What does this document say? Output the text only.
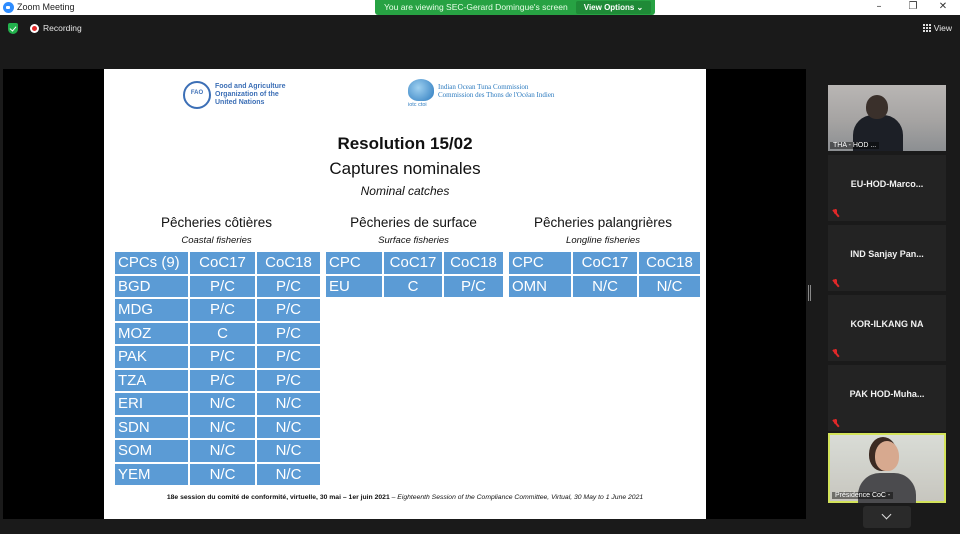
Zoom Meeting	–	❐	✕
You are viewing SEC-Gerard Domingue's screen	View Options ⌄
Recording	View
FAO
Food and Agriculture
Organization of the
United Nations	iotc ctoi
Indian Ocean Tuna Commission
Commission des Thons de l'Océan Indien
Resolution 15/02
Captures nominales
Nominal catches
Pêcheries côtières
Coastal fisheries
CPCs (9)	CoC17	CoC18
BGD	P/C	P/C
MDG	P/C	P/C
MOZ	C	P/C
PAK	P/C	P/C
TZA	P/C	P/C
ERI	N/C	N/C
SDN	N/C	N/C
SOM	N/C	N/C
YEM	N/C	N/C
Pêcheries de surface
Surface fisheries
CPC	CoC17	CoC18
EU	C	P/C
Pêcheries palangrières
Longline fisheries
CPC	CoC17	CoC18
OMN	N/C	N/C
18e session du comité de conformité, virtuelle, 30 mai – 1er juin 2021 – Eighteenth Session of the Compliance Committee, Virtual, 30 May to 1 June 2021
THA - HOD ...
EU-HOD-Marco...
IND Sanjay Pan...
KOR-ILKANG NA
PAK HOD-Muha...
Présidence CoC -
